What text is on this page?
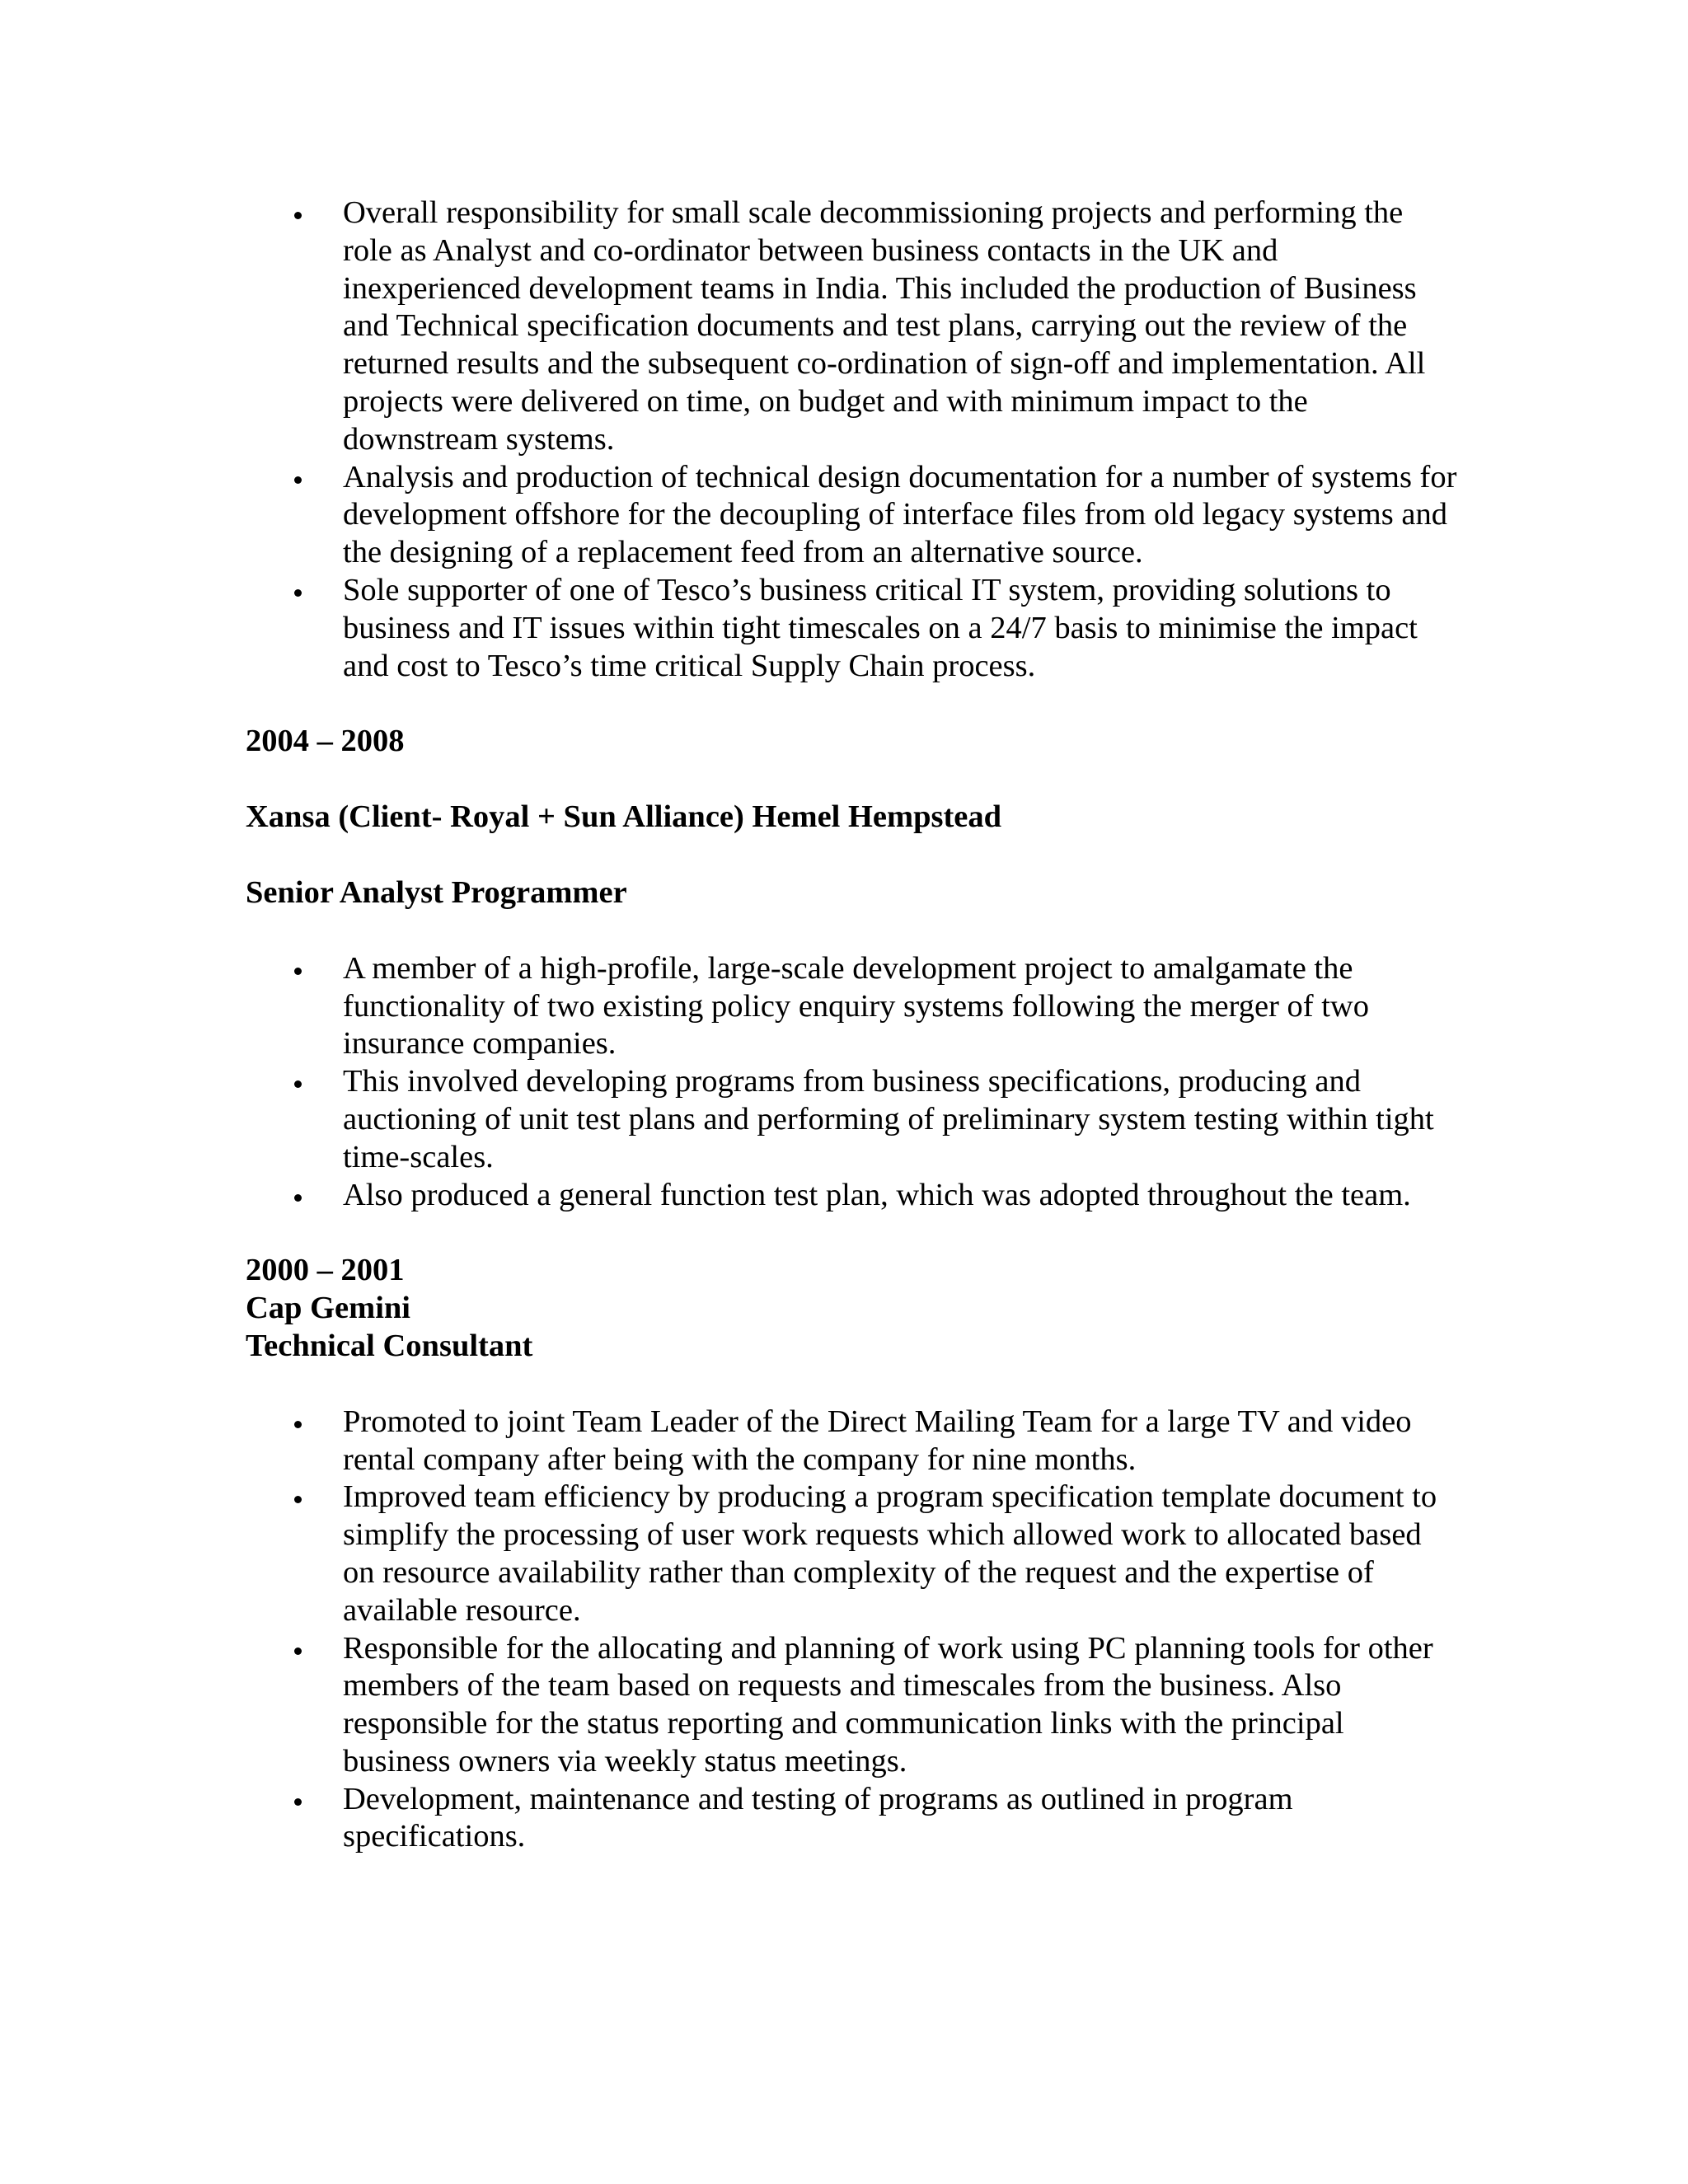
Overall responsibility for small scale decommissioning projects and performing the role as Analyst and co-ordinator between business contacts in the UK and inexperienced development teams in India. This included the production of Business and Technical specification documents and test plans, carrying out the review of the returned results and the subsequent co-ordination of sign-off and implementation. All projects were delivered on time, on budget and with minimum impact to the downstream systems.
Analysis and production of technical design documentation for a number of systems for development offshore for the decoupling of interface files from old legacy systems and the designing of a replacement feed from an alternative source.
Sole supporter of one of Tesco’s business critical IT system, providing solutions to business and IT issues within tight timescales on a 24/7 basis to minimise the impact and cost to Tesco’s time critical Supply Chain process.

2004 – 2008

Xansa (Client- Royal + Sun Alliance) Hemel Hempstead

Senior Analyst Programmer

A member of a high-profile, large-scale development project to amalgamate the functionality of two existing policy enquiry systems following the merger of two insurance companies.
This involved developing programs from business specifications, producing and auctioning of unit test plans and performing of preliminary system testing within tight time-scales.
Also produced a general function test plan, which was adopted throughout the team.

2000 – 2001

Cap Gemini

Technical Consultant

Promoted to joint Team Leader of the Direct Mailing Team for a large TV and video rental company after being with the company for nine months.
Improved team efficiency by producing a program specification template document to simplify the processing of user work requests which allowed work to allocated based on resource availability rather than complexity of the request and the expertise of available resource.
Responsible for the allocating and planning of work using PC planning tools for other members of the team based on requests and timescales from the business. Also responsible for the status reporting and communication links with the principal business owners via weekly status meetings.
Development, maintenance and testing of programs as outlined in program specifications.
